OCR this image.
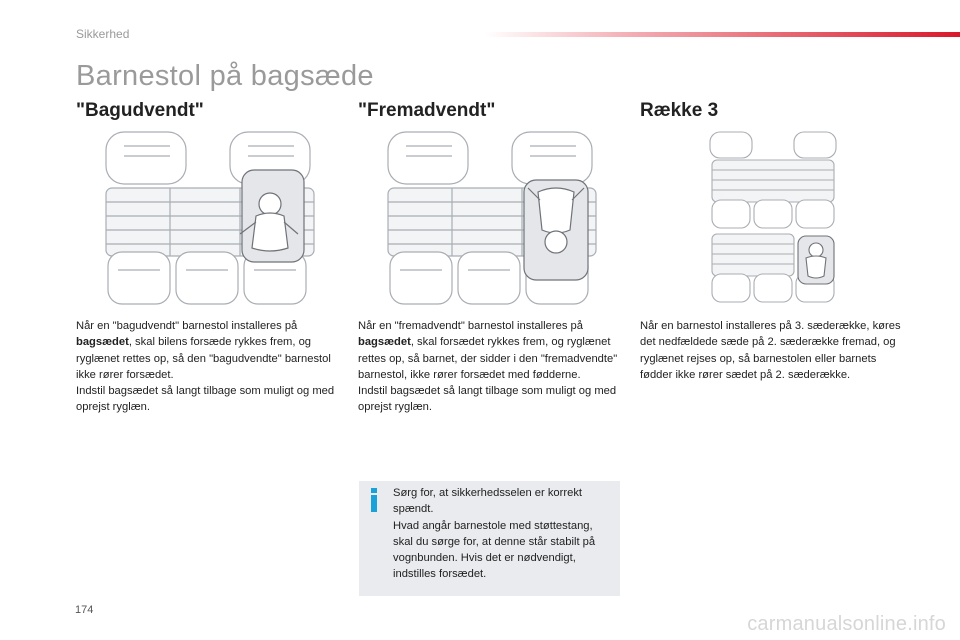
Sikkerhed
Barnestol på bagsæde
"Bagudvendt"	"Fremadvendt"	Række 3

Når en "bagudvendt" barnestol installeres på bagsædet, skal bilens forsæde rykkes frem, og ryglænet rettes op, så den "bagudvendte" barnestol ikke rører forsædet.

Indstil bagsædet så langt tilbage som muligt og med oprejst ryglæn.

Når en "fremadvendt" barnestol installeres på bagsædet, skal forsædet rykkes frem, og ryglænet rettes op, så barnet, der sidder i den "fremadvendte" barnestol, ikke rører forsædet med fødderne.

Indstil bagsædet så langt tilbage som muligt og med oprejst ryglæn.

Når en barnestol installeres på 3. sæderække, køres det nedfældede sæde på 2. sæderække fremad, og ryglænet rejses op, så barnestolen eller barnets fødder ikke rører sædet på 2. sæderække.

Sørg for, at sikkerhedsselen er korrekt spændt.

Hvad angår barnestole med støttestang, skal du sørge for, at denne står stabilt på vognbunden. Hvis det er nødvendigt, indstilles forsædet.

174
carmanualsonline.info
